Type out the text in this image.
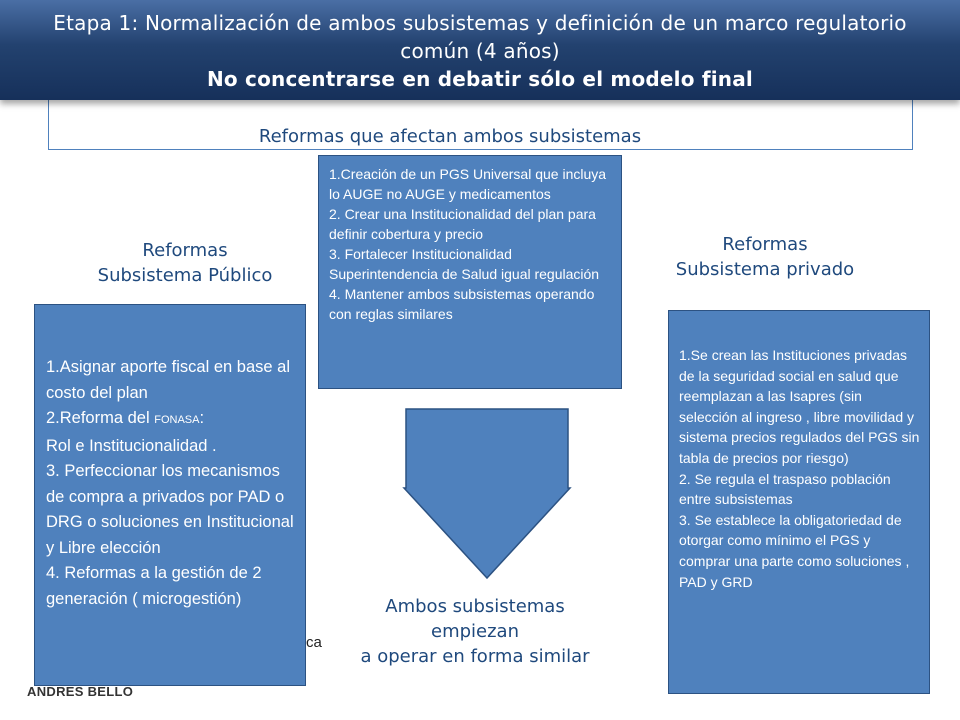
Etapa 1: Normalización de ambos subsistemas y definición de un marco regulatorio
común (4 años)
No concentrarse en debatir sólo el modelo final
Reformas que afectan ambos subsistemas
Reformas
Subsistema Público
Reformas
Subsistema privado
1.Creación de un PGS Universal que incluya lo AUGE no AUGE y medicamentos
2. Crear una Institucionalidad del plan para definir cobertura y precio
3. Fortalecer Institucionalidad Superintendencia de Salud igual regulación
4. Mantener ambos subsistemas operando con reglas similares
1.Asignar aporte fiscal en base al costo del plan
2.Reforma del FONASA:
Rol e Institucionalidad .
3. Perfeccionar los mecanismos de compra a privados por PAD o DRG o soluciones en Institucional y Libre elección
4. Reformas a la gestión de 2 generación ( microgestión)
1.Se crean las Instituciones privadas de la seguridad social en salud que reemplazan a las Isapres (sin selección al ingreso , libre movilidad y sistema precios regulados del PGS sin tabla de precios por riesgo)
2. Se regula el traspaso población entre subsistemas
3. Se establece la obligatoriedad de otorgar como mínimo el PGS y comprar una parte como soluciones , PAD y GRD
Ambos subsistemas
empiezan
a operar en forma similar
ca
ANDRES BELLO
